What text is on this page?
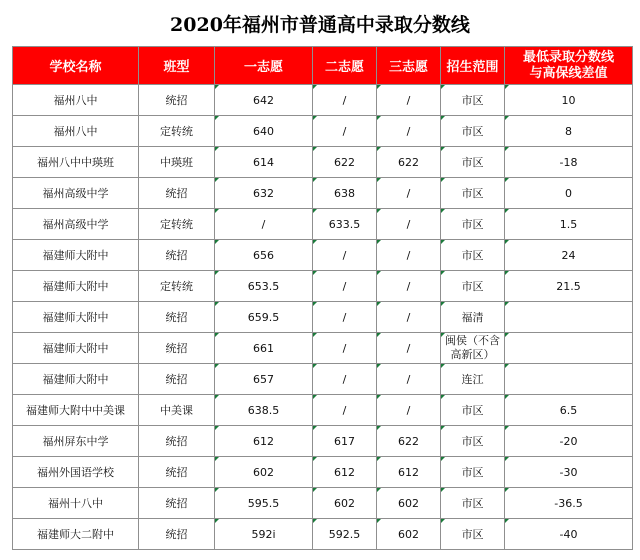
2020年福州市普通高中录取分数线
学校名称	班型	一志愿	二志愿	三志愿	招生范围	最低录取分数线
与高保线差值
福州八中	统招	642	/	/	市区	10
福州八中	定转统	640	/	/	市区	8
福州八中中瑛班	中瑛班	614	622	622	市区	-18
福州高级中学	统招	632	638	/	市区	0
福州高级中学	定转统	/	633.5	/	市区	1.5
福建师大附中	统招	656	/	/	市区	24
福建师大附中	定转统	653.5	/	/	市区	21.5
福建师大附中	统招	659.5	/	/	福清	
福建师大附中	统招	661	/	/	闽侯（不含高新区）	
福建师大附中	统招	657	/	/	连江	
福建师大附中中美课	中美课	638.5	/	/	市区	6.5
福州屏东中学	统招	612	617	622	市区	-20
福州外国语学校	统招	602	612	612	市区	-30
福州十八中	统招	595.5	602	602	市区	-36.5
福建师大二附中	统招	592i	592.5	602	市区	-40
